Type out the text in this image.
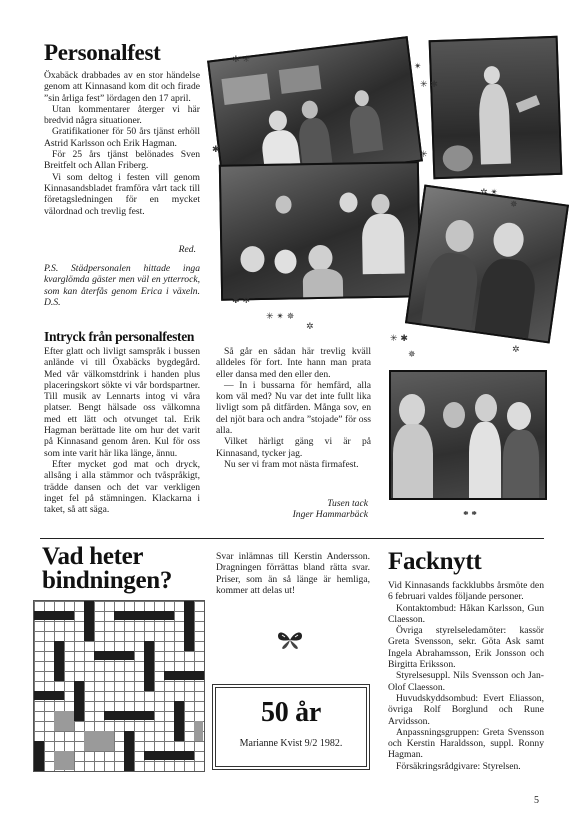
Personalfest

Öxabäck drabbades av en stor händelse genom att Kinnasand kom dit och firade ”sin årliga fest” lördagen den 17 april.

Utan kommentarer återger vi här bredvid några situationer.

Gratifikationer för 50 års tjänst erhöll Astrid Karlsson och Erik Hagman.

För 25 års tjänst belönades Sven Breitfelt och Allan Friberg.

Vi som deltog i festen vill genom Kinnasandsbladet framföra vårt tack till företagsledningen för en mycket välordnad och trevlig fest.

Red.
P.S. Städpersonalen hittade inga kvarglömda gäster men väl en ytterrock, som kan återfås genom Erica i växeln. D.S.
Intryck från personalfesten

Efter glatt och livligt samspråk i bussen anlände vi till Öxabäcks bygdegård. Med vår välkomstdrink i handen plus placeringskort sökte vi vår bordspartner. Till musik av Lennarts intog vi våra platser. Bengt hälsade oss välkomna med ett lätt och otvunget tal. Erik Hagman berättade lite om hur det varit på Kinnasand genom åren. Kul för oss som inte varit här lika länge, ännu.

Efter mycket god mat och dryck, allsång i alla stämmor och tvåspråkigt, trädde dansen och det var verkligen inget fel på stämningen. Klackarna i taket, så att säga.

Så går en sådan här trevlig kväll alldeles för fort. Inte hann man prata eller dansa med den eller den.

— In i bussarna för hemfärd, alla kom väl med? Nu var det inte fullt lika livligt som på ditfärden. Många sov, en del njöt bara och andra ”stojade” för oss alla.

Vilket härligt gäng vi är på Kinnasand, tycker jag.

Nu ser vi fram mot nästa firmafest.

Tusen tack
Inger Hammarbäck	* *
✲ ✳
✴
✳ ✱
✱	✳
✲ ✴
✵
✱ ✲
✳ ✴ ✵
✲
✳ ✱
✵	✲
Vad heter
bindningen?
Svar inlämnas till Kerstin Andersson. Dragningen förrättas bland rätta svar. Priser, som än så länge är hemliga, kommer att delas ut!
50 år
Marianne Kvist 9/2 1982.
Facknytt

Vid Kinnasands fackklubbs årsmöte den 6 februari valdes följande personer.

Kontaktombud: Håkan Karlsson, Gun Claesson.

Övriga styrelseledamöter: kassör Greta Svensson, sekr. Göta Ask samt Ingela Abrahamsson, Erik Jonsson och Birgitta Eriksson.

Styrelsesuppl. Nils Svensson och Jan-Olof Claesson.

Huvudskyddsombud: Evert Eliasson, övriga Rolf Borglund och Rune Arvidsson.

Anpassningsgruppen: Greta Svensson och Kerstin Haraldsson, suppl. Ronny Hagman.

Försäkringsrådgivare: Styrelsen.

5
